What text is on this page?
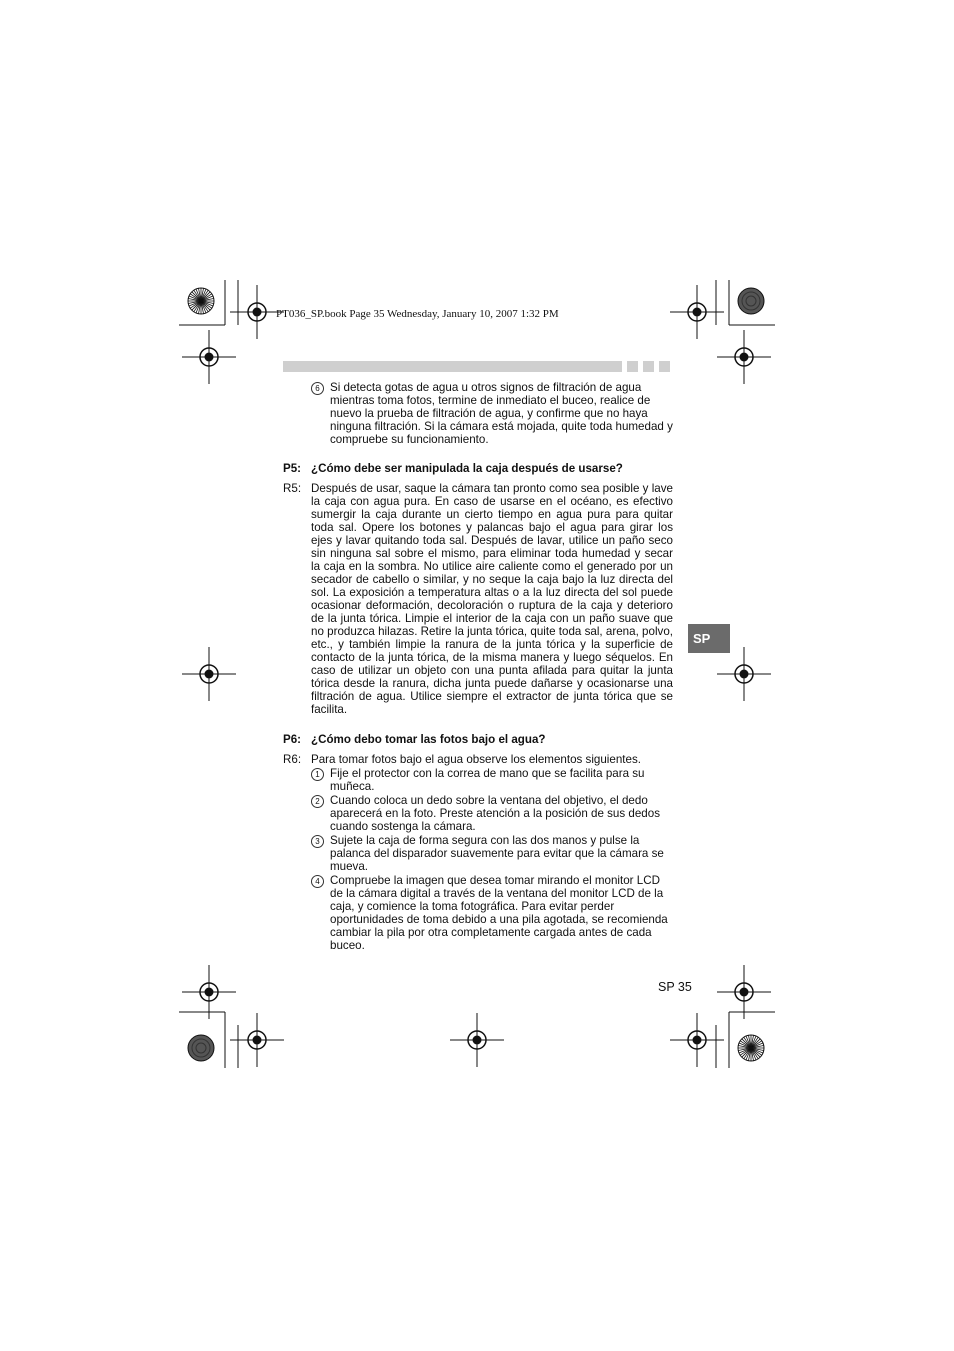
PT036_SP.book Page 35 Wednesday, January 10, 2007 1:32 PM
6 Si detecta gotas de agua u otros signos de filtración de agua mientras toma fotos, termine de inmediato el buceo, realice de nuevo la prueba de filtración de agua, y confirme que no haya ninguna filtración. Si la cámara está mojada, quite toda humedad y compruebe su funcionamiento.
P5: ¿Cómo debe ser manipulada la caja después de usarse?
R5: Después de usar, saque la cámara tan pronto como sea posible y lave la caja con agua pura. En caso de usarse en el océano, es efectivo sumergir la caja durante un cierto tiempo en agua pura para quitar toda sal. Opere los botones y palancas bajo el agua para girar los ejes y lavar quitando toda sal. Después de lavar, utilice un paño seco sin ninguna sal sobre el mismo, para eliminar toda humedad y secar la caja en la sombra. No utilice aire caliente como el generado por un secador de cabello o similar, y no seque la caja bajo la luz directa del sol. La exposición a temperatura altas o a la luz directa del sol puede ocasionar deformación, decoloración o ruptura de la caja y deterioro de la junta tórica. Limpie el interior de la caja con un paño suave que no produzca hilazas. Retire la junta tórica, quite toda sal, arena, polvo, etc., y también limpie la ranura de la junta tórica y la superficie de contacto de la junta tórica, de la misma manera y luego séquelos. En caso de utilizar un objeto con una punta afilada para quitar la junta tórica desde la ranura, dicha junta puede dañarse y ocasionarse una filtración de agua. Utilice siempre el extractor de junta tórica que se facilita.
P6: ¿Cómo debo tomar las fotos bajo el agua?
R6: Para tomar fotos bajo el agua observe los elementos siguientes.
1 Fije el protector con la correa de mano que se facilita para su muñeca.
2 Cuando coloca un dedo sobre la ventana del objetivo, el dedo aparecerá en la foto. Preste atención a la posición de sus dedos cuando sostenga la cámara.
3 Sujete la caja de forma segura con las dos manos y pulse la palanca del disparador suavemente para evitar que la cámara se mueva.
4 Compruebe la imagen que desea tomar mirando el monitor LCD de la cámara digital a través de la ventana del monitor LCD de la caja, y comience la toma fotográfica. Para evitar perder oportunidades de toma debido a una pila agotada, se recomienda cambiar la pila por otra completamente cargada antes de cada buceo.
SP
SP 35
